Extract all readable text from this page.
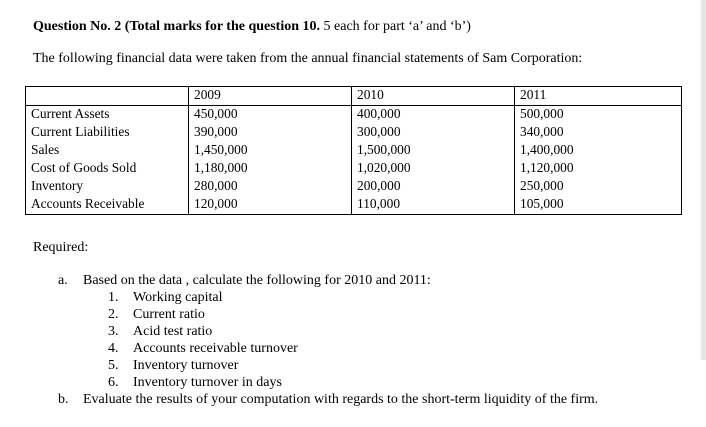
Question No. 2 (Total marks for the question 10. 5 each for part ‘a’ and ‘b’)
The following financial data were taken from the annual financial statements of Sam Corporation:
	2009	2010	2011
Current Assets	450,000	400,000	500,000
Current Liabilities	390,000	300,000	340,000
Sales	1,450,000	1,500,000	1,400,000
Cost of Goods Sold	1,180,000	1,020,000	1,120,000
Inventory	280,000	200,000	250,000
Accounts Receivable	120,000	110,000	105,000
Required:
a. Based on the data , calculate the following for 2010 and 2011:
1. Working capital
2. Current ratio
3. Acid test ratio
4. Accounts receivable turnover
5. Inventory turnover
6. Inventory turnover in days
b. Evaluate the results of your computation with regards to the short-term liquidity of the firm.
